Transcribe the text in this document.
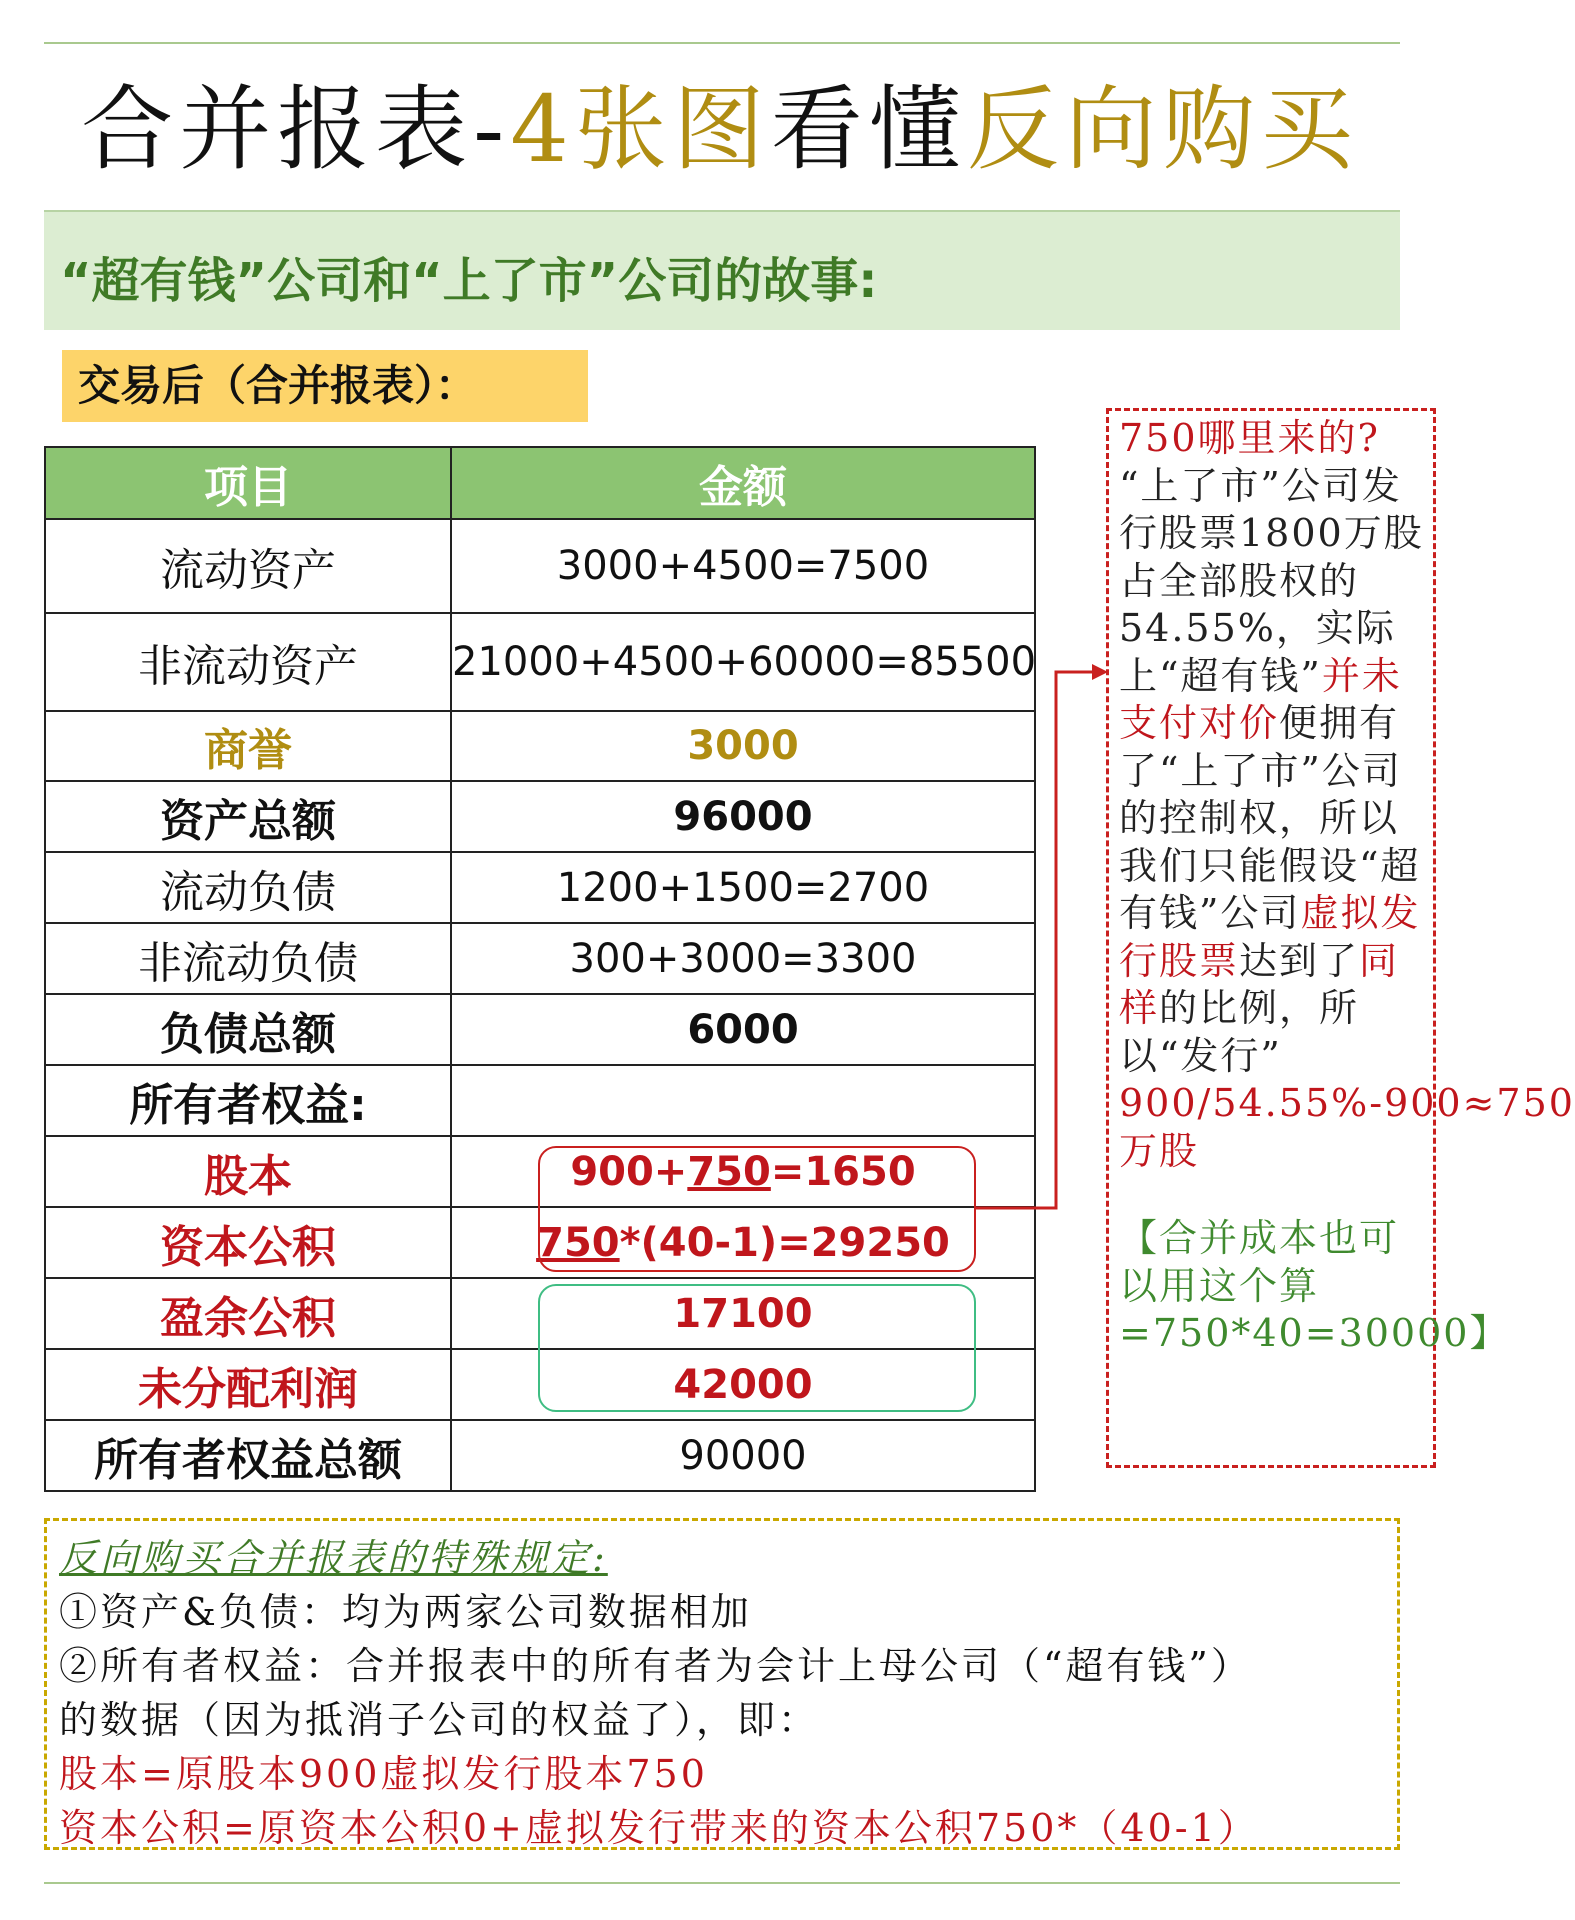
合并报表-4张图看懂反向购买
“超有钱”公司和“上了市”公司的故事:
交易后（合并报表）：
项目	金额
流动资产	3000+4500=7500
非流动资产	21000+4500+60000=85500
商誉	3000
资产总额	96000
流动负债	1200+1500=2700
非流动负债	300+3000=3300
负债总额	6000
所有者权益:	
股本	900+750=1650
资本公积	750*(40-1)=29250
盈余公积	17100
未分配利润	42000
所有者权益总额	90000

750哪里来的?

“上了市”公司发行股票1800万股占全部股权的54.55%，实际上“超有钱”并未支付对价便拥有了“上了市”公司的控制权，所以我们只能假设“超有钱”公司虚拟发行股票达到了同样的比例，所以“发行”

900/54.55%-900≈750万股

【合并成本也可以用这个算=750*40=30000】

反向购买合并报表的特殊规定:

①资产&负债：均为两家公司数据相加

②所有者权益：合并报表中的所有者为会计上母公司（“超有钱”）

的数据（因为抵消子公司的权益了），即：

股本=原股本900虚拟发行股本750

资本公积=原资本公积0+虚拟发行带来的资本公积750*（40-1）
